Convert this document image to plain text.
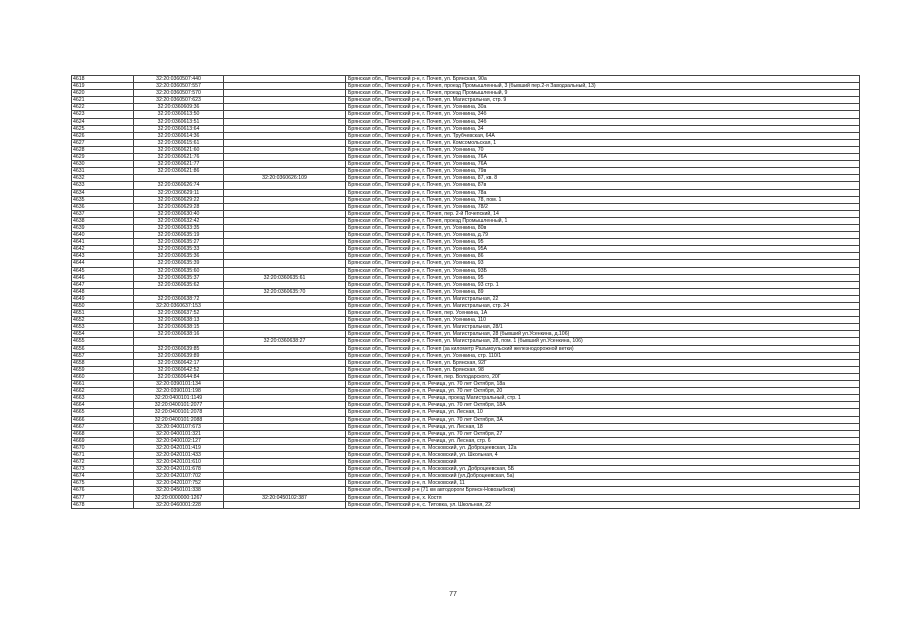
4618	32:20:0360507:440		Брянская обл., Почепский р-н, г. Почеп, ул. Брянская, 90а
4619	32:20:0360507:557		Брянская обл., Почепский р-н, г. Почеп, проезд Промышленный, 3 (бывший пер.2-я Заводзальный, 13)
4620	32:20:0360507:570		Брянская обл., Почепский р-н, г. Почеп, проезд Промышленный, 9
4621	32:20:0360507:623		Брянская обл., Почепский р-н, г. Почеп, ул. Магистральная, стр. 9
4622	32:20:0360609:36		Брянская обл., Почепский р-н, г. Почеп, ул. Усенкина, 30а
4623	32:20:0360613:50		Брянская обл., Почепский р-н, г. Почеп, ул. Усенкина, 34б
4624	32:20:0360613:51		Брянская обл., Почепский р-н, г. Почеп, ул. Усенкина, 34б
4625	32:20:0360613:64		Брянская обл., Почепский р-н, г. Почеп, ул. Усенкина, 34
4626	32:20:0360614:36		Брянская обл., Почепский р-н, г. Почеп, ул. Трубчевская, 64А
4627	32:20:0360615:61		Брянская обл., Почепский р-н, г. Почеп, ул. Комсомольская, 1
4628	32:20:0360621:60		Брянская обл., Почепский р-н, г. Почеп, ул. Усенкина, 70
4629	32:20:0360621:76		Брянская обл., Почепский р-н, г. Почеп, ул. Усенкина, 76А
4630	32:20:0360621:77		Брянская обл., Почепский р-н, г. Почеп, ул. Усенкина, 76А
4631	32:20:0360621:86		Брянская обл., Почепский р-н, г. Почеп, ул. Усенкина, 79в
4632		32:20:0360626:109	Брянская обл., Почепский р-н, г. Почеп, ул. Усенкина, 87, кв. 8
4633	32:20:0360626:74		Брянская обл., Почепский р-н, г. Почеп, ул. Усенкина, 87в
4634	32:20:0360629:11		Брянская обл., Почепский р-н, г. Почеп, ул. Усенкина, 78а
4635	32:20:0360629:22		Брянская обл., Почепский р-н, г. Почеп, ул. Усенкина, 78, пом. 1
4636	32:20:0360629:28		Брянская обл., Почепский р-н, г. Почеп, ул. Усенкина, 78/2
4637	32:20:0360630:40		Брянская обл., Почепский р-н, г. Почеп, пер. 2-й Почепский, 14
4638	32:20:0360632:42		Брянская обл., Почепский р-н, г. Почеп, проезд Промышленный, 1
4639	32:20:0360633:35		Брянская обл., Почепский р-н, г. Почеп, ул. Усенкина, 80в
4640	32:20:0360635:19		Брянская обл., Почепский р-н, г. Почеп, ул. Усенкина, д.79
4641	32:20:0360635:27		Брянская обл., Почепский р-н, г. Почеп, ул. Усенкина, 95
4642	32:20:0360635:33		Брянская обл., Почепский р-н, г. Почеп, ул. Усенкина, 95А
4643	32:20:0360635:36		Брянская обл., Почепский р-н, г. Почеп, ул. Усенкина, 86
4644	32:20:0360635:39		Брянская обл., Почепский р-н, г. Почеп, ул. Усенкина, 93
4645	32:20:0360635:60		Брянская обл., Почепский р-н, г. Почеп, ул. Усенкина, 93Б
4646	32:20:0360635:37	32:20:0360635:61	Брянская обл., Почепский р-н, г. Почеп, ул. Усенкина, 95
4647	32:20:0360635:62		Брянская обл., Почепский р-н, г. Почеп, ул. Усенкина, 93 стр. 1
4648		32:20:0360635:70	Брянская обл., Почепский р-н, г. Почеп, ул. Усенкина, 89
4649	32:20:0360638:72		Брянская обл., Почепский р-н, г. Почеп, ул. Магистральная, 22
4650	32:20:0360637:153		Брянская обл., Почепский р-н, г. Почеп, ул. Магистральная, стр. 24
4651	32:20:0360637:52		Брянская обл., Почепский р-н, г. Почеп, пер. Усенкина, 1А
4652	32:20:0360638:13		Брянская обл., Почепский р-н, г. Почеп, ул. Усенкина, 110
4653	32:20:0360638:15		Брянская обл., Почепский р-н, г. Почеп, ул. Магистральная, 28/1
4654	32:20:0360638:16		Брянская обл., Почепский р-н, г. Почеп, ул. Магистральная, 28 (бывший ул.Усенкина, д.106)
4655		32:20:0360638:27	Брянская обл., Почепский р-н, г. Почеп, ул. Магистральная, 28, пом. 1 (бывший ул.Усенкина, 106)
4656	32:20:0360639:85		Брянская обл., Почепский р-н, г. Почеп (за километр Разъмоульский железнодорожной ветки)
4657	32:20:0360639:89		Брянская обл., Почепский р-н, г. Почеп, ул. Усенкина, стр. 110/1
4658	32:20:0360642:17		Брянская обл., Почепский р-н, г. Почеп, ул. Брянская, 92Г
4659	32:20:0360642:52		Брянская обл., Почепский р-н, г. Почеп, ул. Брянская, 98
4660	32:20:0360644:84		Брянская обл., Почепский р-н, г. Почеп, пер. Володарского, 20Г
4661	32:20:0390101:134		Брянская обл., Почепский р-н, п. Речица, ул. 70 лет Октября, 18а
4662	32:20:0390101:198		Брянская обл., Почепский р-н, п. Речица, ул. 70 лет Октября, 20
4663	32:20:0400101:1149		Брянская обл., Почепский р-н, п. Речица, проезд Магистральный, стр. 1
4664	32:20:0400101:2077		Брянская обл., Почепский р-н, п. Речица, ул. 70 лет Октября, 18А
4665	32:20:0400101:2078		Брянская обл., Почепский р-н, п. Речица, ул. Лесная, 10
4666	32:20:0400101:2088		Брянская обл., Почепский р-н, п. Речица, ул. 70 лет Октября, 3А
4667	32:20:0400107:673		Брянская обл., Почепский р-н, п. Речица, ул. Лесная, 18
4668	32:20:0400101:321		Брянская обл., Почепский р-н, п. Речица, ул. 70 лет Октября, 27
4669	32:20:0400102:127		Брянская обл., Почепский р-н, п. Речица, ул. Лесная, стр. 6
4670	32:20:0420101:419		Брянская обл., Почепский р-н, п. Московский, ул. Доброцеевская, 12а
4671	32:20:0420101:433		Брянская обл., Почепский р-н, п. Московский, ул. Школьная, 4
4672	32:20:0420101:610		Брянская обл., Почепский р-н, п. Московский
4673	32:20:0420101:678		Брянская обл., Почепский р-н, п. Московский, ул. Доброцеевская, 5Б
4674	32:20:0420107:702		Брянская обл., Почепский р-н, п. Московский (ул.Доброцеевская, 5а)
4675	32:20:0420107:752		Брянская обл., Почепский р-н, п. Московский, 11
4676	32:20:0450101:338		Брянская обл., Почепский р-н (71 км автодороги Брянск-Новозыбков)
4677	32:20:0000000:1267	32:20:0450102:387	Брянская обл., Почепский р-н, х. Костя
4678	32:20:0460001:228		Брянская обл., Почепский р-н, с. Титовка, ул. Школьная, 22
77
